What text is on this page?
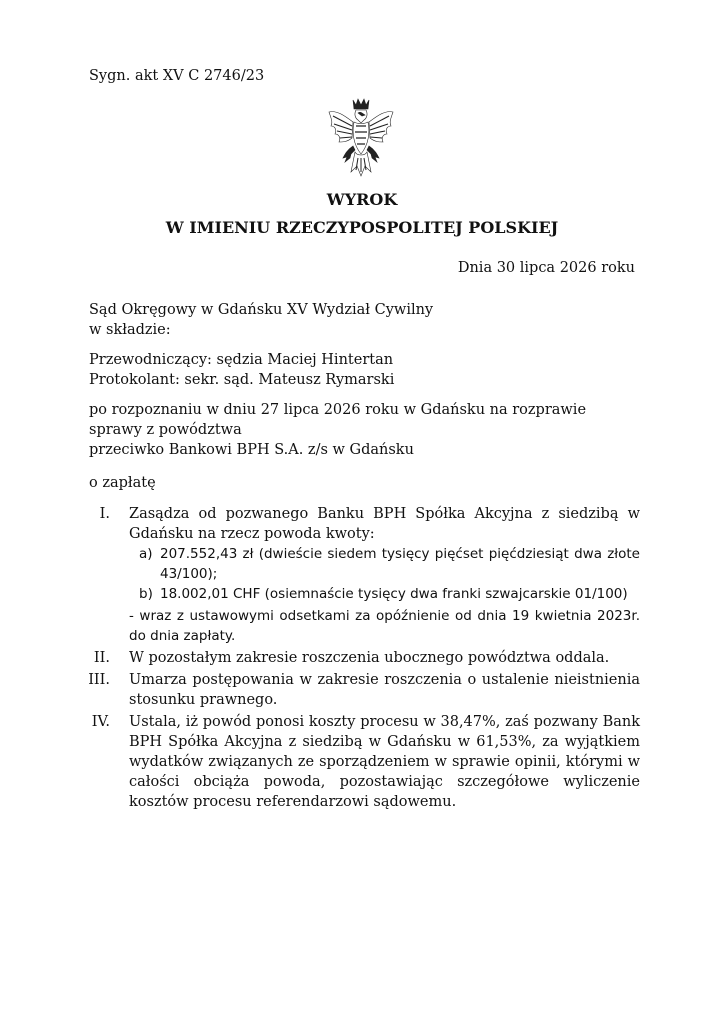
Sygn. akt XV C 2746/23
WYROK
W IMIENIU RZECZYPOSPOLITEJ POLSKIEJ
Dnia 30 lipca 2026 roku
Sąd Okręgowy w Gdańsku XV Wydział Cywilny
w składzie:
Przewodniczący: sędzia Maciej Hintertan
Protokolant: sekr. sąd. Mateusz Rymarski
po rozpoznaniu w dniu 27 lipca 2026 roku w Gdańsku na rozprawie
sprawy z powództwa
przeciwko Bankowi BPH S.A. z/s w Gdańsku
o zapłatę
I. Zasądza od pozwanego Banku BPH Spółka Akcyjna z siedzibą w Gdańsku na rzecz powoda kwoty:
a) 207.552,43 zł (dwieście siedem tysięcy pięćset pięćdziesiąt dwa złote 43/100);
b) 18.002,01 CHF (osiemnaście tysięcy dwa franki szwajcarskie 01/100)
- wraz z ustawowymi odsetkami za opóźnienie od dnia 19 kwietnia 2023r. do dnia zapłaty.
II. W pozostałym zakresie roszczenia ubocznego powództwa oddala.
III. Umarza postępowania w zakresie roszczenia o ustalenie nieistnienia stosunku prawnego.
IV. Ustala, iż powód ponosi koszty procesu w 38,47%, zaś pozwany Bank BPH Spółka Akcyjna z siedzibą w Gdańsku w 61,53%, za wyjątkiem wydatków związanych ze sporządzeniem w sprawie opinii, którymi w całości obciąża powoda, pozostawiając szczegółowe wyliczenie kosztów procesu referendarzowi sądowemu.
